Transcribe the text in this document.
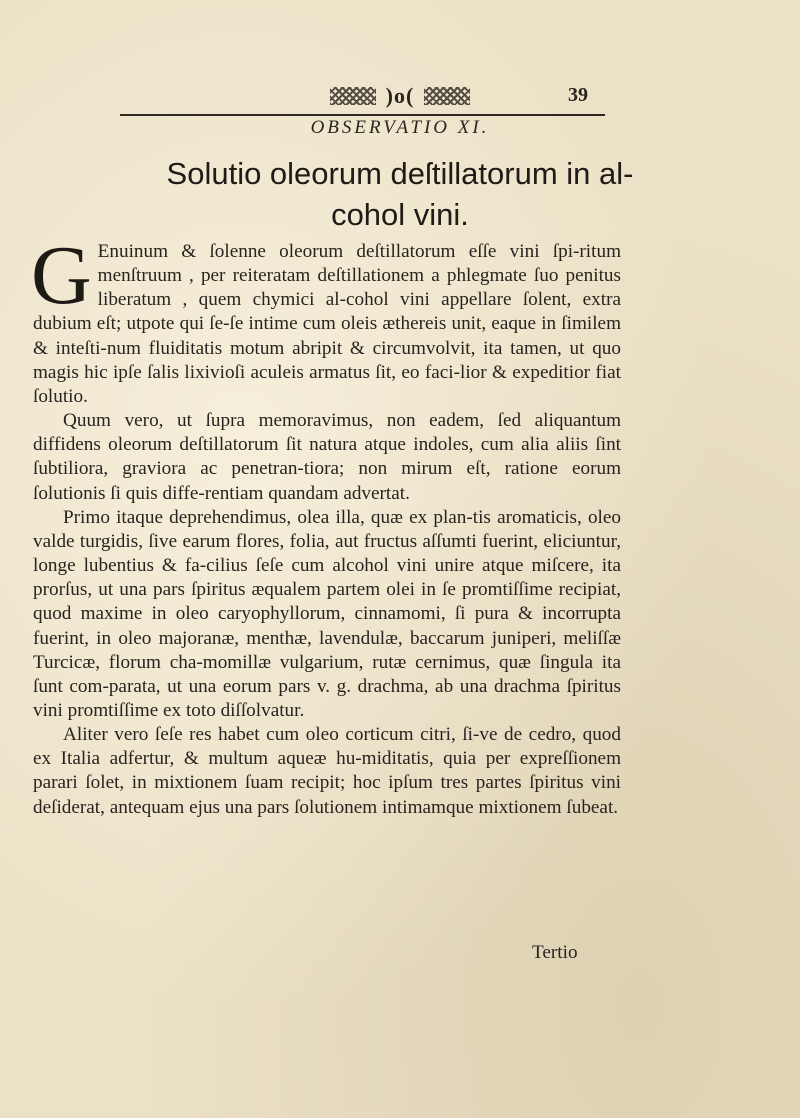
)o(	39
OBSERVATIO XI.
Solutio oleorum deſtillatorum in al-
cohol vini.

G Enuinum & ſolenne oleorum deſtillatorum eſſe vini ſpi-ritum menſtruum , per reiteratam deſtillationem a phlegmate ſuo penitus liberatum , quem chymici al-cohol vini appellare ſolent, extra dubium eſt; utpote qui ſe-ſe intime cum oleis æthereis unit, eaque in ſimilem & inteſti-num fluiditatis motum abripit & circumvolvit, ita tamen, ut quo magis hic ipſe ſalis lixivioſi aculeis armatus ſit, eo faci-lior & expeditior fiat ſolutio.

Quum vero, ut ſupra memoravimus, non eadem, ſed aliquantum diffidens oleorum deſtillatorum ſit natura atque indoles, cum alia aliis ſint ſubtiliora, graviora ac penetran-tiora; non mirum eſt, ratione eorum ſolutionis ſi quis diffe-rentiam quandam advertat.

Primo itaque deprehendimus, olea illa, quæ ex plan-tis aromaticis, oleo valde turgidis, ſive earum flores, folia, aut fructus aſſumti fuerint, eliciuntur, longe lubentius & fa-cilius ſeſe cum alcohol vini unire atque miſcere, ita prorſus, ut una pars ſpiritus æqualem partem olei in ſe promtiſſime recipiat, quod maxime in oleo caryophyllorum, cinnamomi, ſi pura & incorrupta fuerint, in oleo majoranæ, menthæ, lavendulæ, baccarum juniperi, meliſſæ Turcicæ, florum cha-momillæ vulgarium, rutæ cernimus, quæ ſingula ita ſunt com-parata, ut una eorum pars v. g. drachma, ab una drachma ſpiritus vini promtiſſime ex toto diſſolvatur.

Aliter vero ſeſe res habet cum oleo corticum citri, ſi-ve de cedro, quod ex Italia adfertur, & multum aqueæ hu-miditatis, quia per expreſſionem parari ſolet, in mixtionem ſuam recipit; hoc ipſum tres partes ſpiritus vini deſiderat, antequam ejus una pars ſolutionem intimamque mixtionem ſubeat.

Tertio
